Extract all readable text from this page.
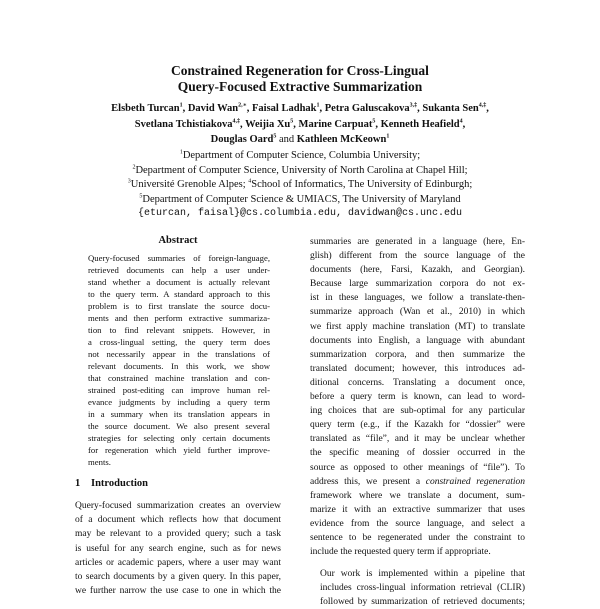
Constrained Regeneration for Cross-Lingual
Query-Focused Extractive Summarization
Elsbeth Turcan$^1$, David Wan$^{2,∗}$, Faisal Ladhak$^1$, Petra Galuscakova$^{3,\ddagger}$, Sukanta Sen$^{4,\ddagger}$,
Svetlana Tchistiakova$^{4,\ddagger}$, Weijia Xu$^5$, Marine Carpuat$^5$, Kenneth Heafield$^4$,
Douglas Oard$^5$ and Kathleen McKeown$^1$
$^1$Department of Computer Science, Columbia University;
$^2$Department of Computer Science, University of North Carolina at Chapel Hill;
$^3$Université Grenoble Alpes; $^4$School of Informatics, The University of Edinburgh;
$^5$Department of Computer Science & UMIACS, The University of Maryland
{eturcan, faisal}@cs.columbia.edu, davidwan@cs.unc.edu
Abstract
Query-focused summaries of foreign-language,
retrieved documents can help a user under-
stand whether a document is actually relevant
to the query term. A standard approach to this
problem is to first translate the source docu-
ments and then perform extractive summariza-
tion to find relevant snippets. However, in
a cross-lingual setting, the query term does
not necessarily appear in the translations of
relevant documents. In this work, we show
that constrained machine translation and con-
strained post-editing can improve human rel-
evance judgments by including a query term
in a summary when its translation appears in
the source document. We also present several
strategies for selecting only certain documents
for regeneration which yield further improve-
ments.
1 Introduction
Query-focused summarization creates an overview
of a document which reflects how that document
may be relevant to a provided query; such a task
is useful for any search engine, such as for news
articles or academic papers, where a user may want
to search documents by a given query. In this paper,
we further narrow the use case to one in which the

summaries are generated in a language (here, En-
glish) different from the source language of the
documents (here, Farsi, Kazakh, and Georgian).
Because large summarization corpora do not ex-
ist in these languages, we follow a translate-then-
summarize approach (Wan et al., 2010) in which
we first apply machine translation (MT) to translate
documents into English, a language with abundant
summarization corpora, and then summarize the
translated document; however, this introduces ad-
ditional concerns. Translating a document once,
before a query term is known, can lead to word-
ing choices that are sub-optimal for any particular
query term (e.g., if the Kazakh for “dossier” were
translated as “file”, and it may be unclear whether
the specific meaning of dossier occurred in the
source as opposed to other meanings of “file”). To
address this, we present a constrained regeneration
framework where we translate a document, sum-
marize it with an extractive summarizer that uses
evidence from the source language, and select a
sentence to be regenerated under the constraint to
include the requested query term if appropriate.

Our work is implemented within a pipeline that
includes cross-lingual information retrieval (CLIR)
followed by summarization of retrieved documents;
